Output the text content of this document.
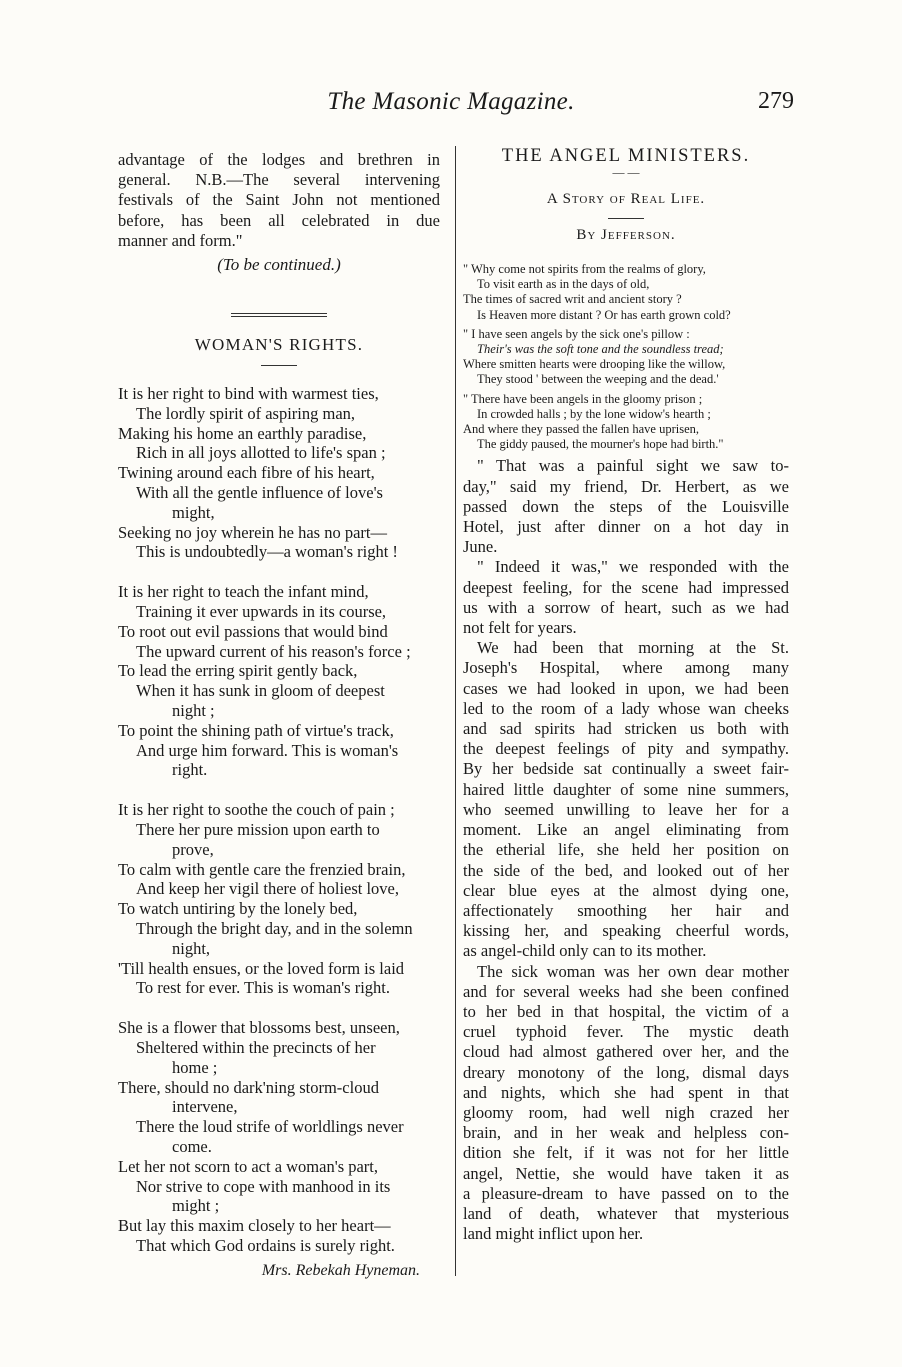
The Masonic Magazine.	279
advantage of the lodges and brethren in
general. N.B.—The several intervening
festivals of the Saint John not mentioned
before, has been all celebrated in due
manner and form."
(To be continued.)
WOMAN'S RIGHTS.
It is her right to bind with warmest ties,
The lordly spirit of aspiring man,
Making his home an earthly paradise,
Rich in all joys allotted to life's span ;
Twining around each fibre of his heart,
With all the gentle influence of love's
might,
Seeking no joy wherein he has no part—
This is undoubtedly—a woman's right !
It is her right to teach the infant mind,
Training it ever upwards in its course,
To root out evil passions that would bind
The upward current of his reason's force ;
To lead the erring spirit gently back,
When it has sunk in gloom of deepest
night ;
To point the shining path of virtue's track,
And urge him forward. This is woman's
right.
It is her right to soothe the couch of pain ;
There her pure mission upon earth to
prove,
To calm with gentle care the frenzied brain,
And keep her vigil there of holiest love,
To watch untiring by the lonely bed,
Through the bright day, and in the solemn
night,
'Till health ensues, or the loved form is laid
To rest for ever. This is woman's right.
She is a flower that blossoms best, unseen,
Sheltered within the precincts of her
home ;
There, should no dark'ning storm-cloud
intervene,
There the loud strife of worldlings never
come.
Let her not scorn to act a woman's part,
Nor strive to cope with manhood in its
might ;
But lay this maxim closely to her heart—
That which God ordains is surely right.
Mrs. Rebekah Hyneman.
THE ANGEL MINISTERS.
— —
A Story of Real Life.
By Jefferson.
" Why come not spirits from the realms of glory,
To visit earth as in the days of old,
The times of sacred writ and ancient story ?
Is Heaven more distant ? Or has earth grown cold?
" I have seen angels by the sick one's pillow :
Their's was the soft tone and the soundless tread;
Where smitten hearts were drooping like the willow,
They stood ' between the weeping and the dead.'
" There have been angels in the gloomy prison ;
In crowded halls ; by the lone widow's hearth ;
And where they passed the fallen have uprisen,
The giddy paused, the mourner's hope had birth."
" That was a painful sight we saw to-
day," said my friend, Dr. Herbert, as we
passed down the steps of the Louisville
Hotel, just after dinner on a hot day in
June.
" Indeed it was," we responded with the
deepest feeling, for the scene had impressed
us with a sorrow of heart, such as we had
not felt for years.
We had been that morning at the St.
Joseph's Hospital, where among many
cases we had looked in upon, we had been
led to the room of a lady whose wan cheeks
and sad spirits had stricken us both with
the deepest feelings of pity and sympathy.
By her bedside sat continually a sweet fair-
haired little daughter of some nine summers,
who seemed unwilling to leave her for a
moment. Like an angel eliminating from
the etherial life, she held her position on
the side of the bed, and looked out of her
clear blue eyes at the almost dying one,
affectionately smoothing her hair and
kissing her, and speaking cheerful words,
as angel-child only can to its mother.
The sick woman was her own dear mother
and for several weeks had she been confined
to her bed in that hospital, the victim of a
cruel typhoid fever. The mystic death
cloud had almost gathered over her, and the
dreary monotony of the long, dismal days
and nights, which she had spent in that
gloomy room, had well nigh crazed her
brain, and in her weak and helpless con-
dition she felt, if it was not for her little
angel, Nettie, she would have taken it as
a pleasure-dream to have passed on to the
land of death, whatever that mysterious
land might inflict upon her.
